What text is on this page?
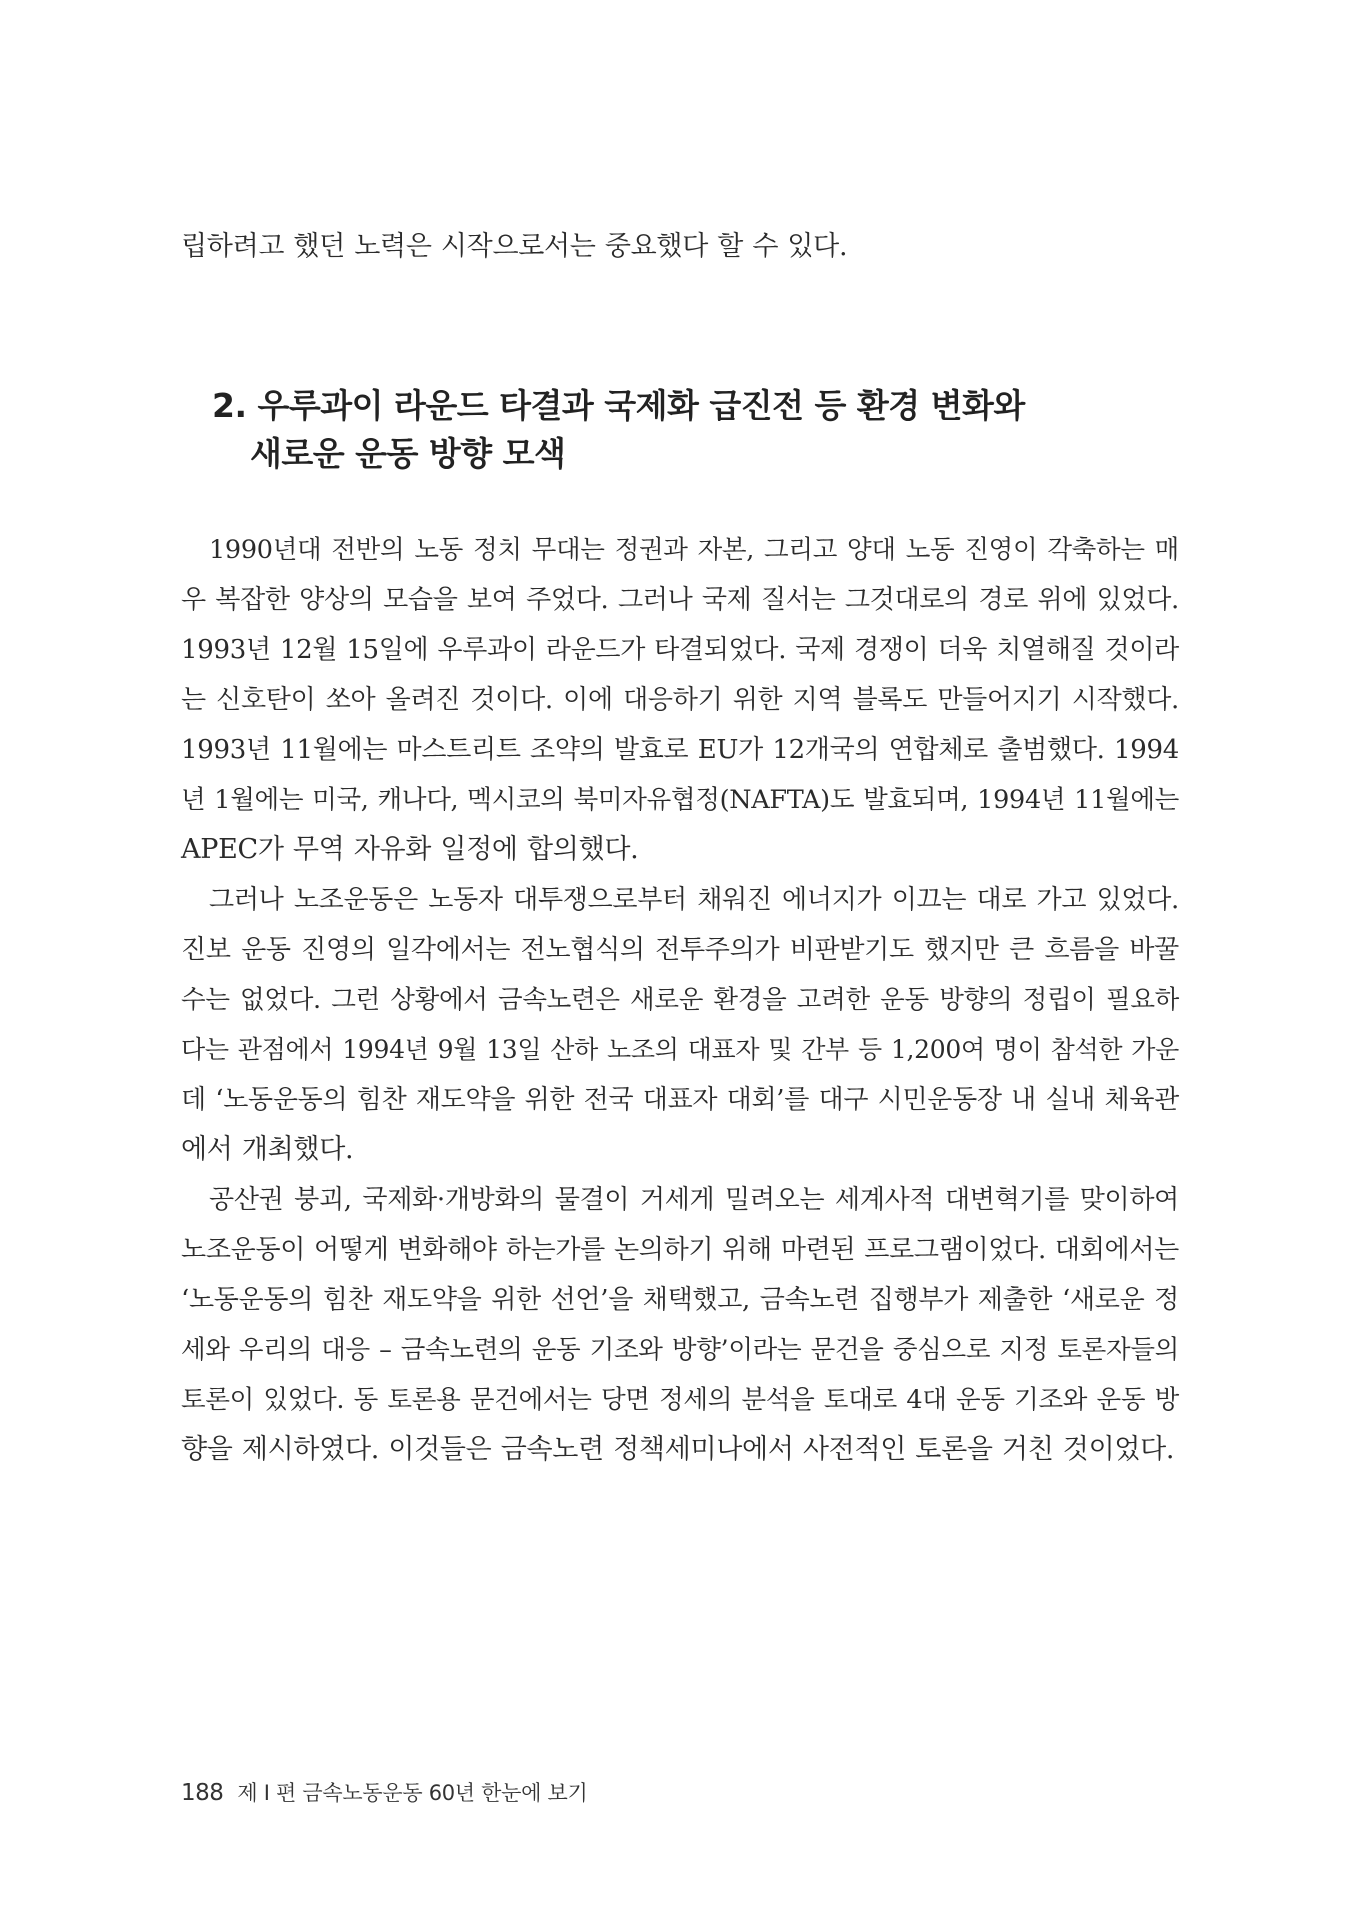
립하려고 했던 노력은 시작으로서는 중요했다 할 수 있다.
2. 우루과이 라운드 타결과 국제화 급진전 등 환경 변화와
새로운 운동 방향 모색
1990년대 전반의 노동 정치 무대는 정권과 자본, 그리고 양대 노동 진영이 각축하는 매
우 복잡한 양상의 모습을 보여 주었다. 그러나 국제 질서는 그것대로의 경로 위에 있었다.
1993년 12월 15일에 우루과이 라운드가 타결되었다. 국제 경쟁이 더욱 치열해질 것이라
는 신호탄이 쏘아 올려진 것이다. 이에 대응하기 위한 지역 블록도 만들어지기 시작했다.
1993년 11월에는 마스트리트 조약의 발효로 EU가 12개국의 연합체로 출범했다. 1994
년 1월에는 미국, 캐나다, 멕시코의 북미자유협정(NAFTA)도 발효되며, 1994년 11월에는
APEC가 무역 자유화 일정에 합의했다.
그러나 노조운동은 노동자 대투쟁으로부터 채워진 에너지가 이끄는 대로 가고 있었다.
진보 운동 진영의 일각에서는 전노협식의 전투주의가 비판받기도 했지만 큰 흐름을 바꿀
수는 없었다. 그런 상황에서 금속노련은 새로운 환경을 고려한 운동 방향의 정립이 필요하
다는 관점에서 1994년 9월 13일 산하 노조의 대표자 및 간부 등 1,200여 명이 참석한 가운
데 ‘노동운동의 힘찬 재도약을 위한 전국 대표자 대회’를 대구 시민운동장 내 실내 체육관
에서 개최했다.
공산권 붕괴, 국제화·개방화의 물결이 거세게 밀려오는 세계사적 대변혁기를 맞이하여
노조운동이 어떻게 변화해야 하는가를 논의하기 위해 마련된 프로그램이었다. 대회에서는
‘노동운동의 힘찬 재도약을 위한 선언’을 채택했고, 금속노련 집행부가 제출한 ‘새로운 정
세와 우리의 대응 – 금속노련의 운동 기조와 방향’이라는 문건을 중심으로 지정 토론자들의
토론이 있었다. 동 토론용 문건에서는 당면 정세의 분석을 토대로 4대 운동 기조와 운동 방
향을 제시하였다. 이것들은 금속노련 정책세미나에서 사전적인 토론을 거친 것이었다.
188 제 I 편 금속노동운동 60년 한눈에 보기
